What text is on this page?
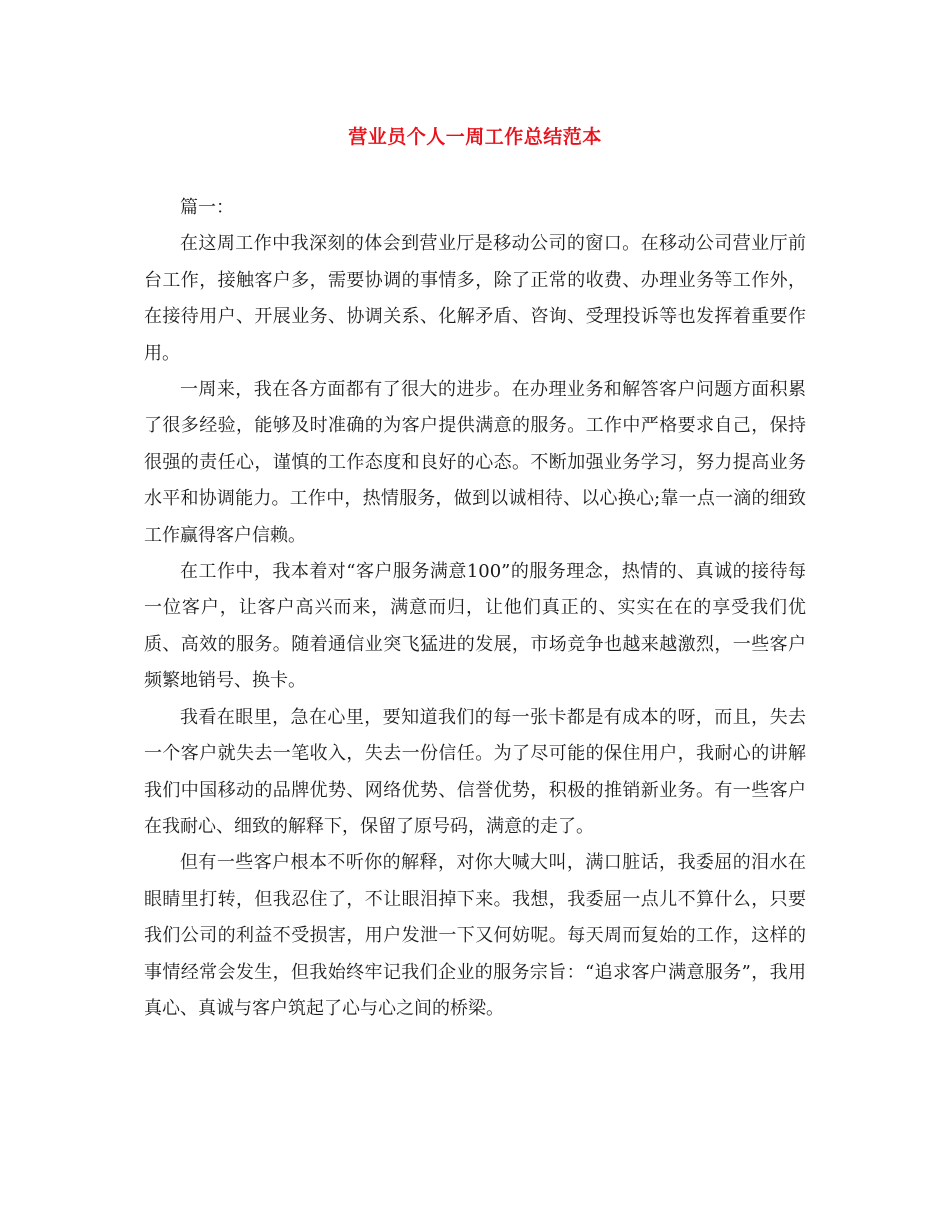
营业员个人一周工作总结范本

篇一：

在这周工作中我深刻的体会到营业厅是移动公司的窗口。在移动公司营业厅前台工作，接触客户多，需要协调的事情多，除了正常的收费、办理业务等工作外，在接待用户、开展业务、协调关系、化解矛盾、咨询、受理投诉等也发挥着重要作用。

一周来，我在各方面都有了很大的进步。在办理业务和解答客户问题方面积累了很多经验，能够及时准确的为客户提供满意的服务。工作中严格要求自己，保持很强的责任心，谨慎的工作态度和良好的心态。不断加强业务学习，努力提高业务水平和协调能力。工作中，热情服务，做到以诚相待、以心换心;靠一点一滴的细致工作赢得客户信赖。

在工作中，我本着对“客户服务满意100”的服务理念，热情的、真诚的接待每一位客户，让客户高兴而来，满意而归，让他们真正的、实实在在的享受我们优质、高效的服务。随着通信业突飞猛进的发展，市场竞争也越来越激烈，一些客户频繁地销号、换卡。

我看在眼里，急在心里，要知道我们的每一张卡都是有成本的呀，而且，失去一个客户就失去一笔收入，失去一份信任。为了尽可能的保住用户，我耐心的讲解我们中国移动的品牌优势、网络优势、信誉优势，积极的推销新业务。有一些客户在我耐心、细致的解释下，保留了原号码，满意的走了。

但有一些客户根本不听你的解释，对你大喊大叫，满口脏话，我委屈的泪水在眼睛里打转，但我忍住了，不让眼泪掉下来。我想，我委屈一点儿不算什么，只要我们公司的利益不受损害，用户发泄一下又何妨呢。每天周而复始的工作，这样的事情经常会发生，但我始终牢记我们企业的服务宗旨：“追求客户满意服务”，我用真心、真诚与客户筑起了心与心之间的桥梁。
